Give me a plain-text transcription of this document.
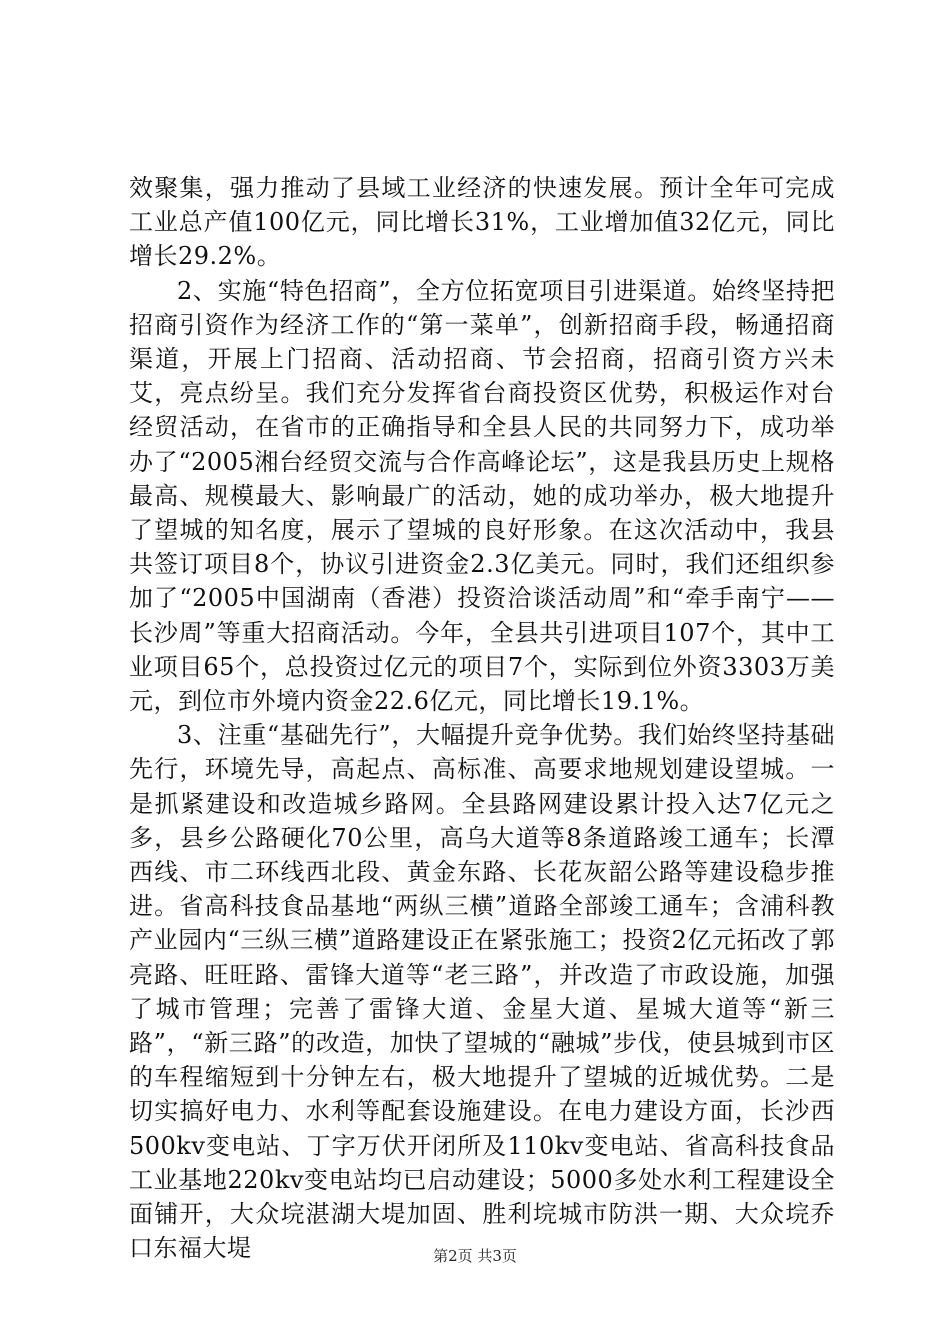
效聚集，强力推动了县域工业经济的快速发展。预计全年可完成工业总产值100亿元，同比增长31%，工业增加值32亿元，同比增长29.2%。

2、实施“特色招商”，全方位拓宽项目引进渠道。始终坚持把招商引资作为经济工作的“第一菜单”，创新招商手段，畅通招商渠道，开展上门招商、活动招商、节会招商，招商引资方兴未艾，亮点纷呈。我们充分发挥省台商投资区优势，积极运作对台经贸活动，在省市的正确指导和全县人民的共同努力下，成功举办了“2005湘台经贸交流与合作高峰论坛”，这是我县历史上规格最高、规模最大、影响最广的活动，她的成功举办，极大地提升了望城的知名度，展示了望城的良好形象。在这次活动中，我县共签订项目8个，协议引进资金2.3亿美元。同时，我们还组织参加了“2005中国湖南（香港）投资洽谈活动周”和“牵手南宁——长沙周”等重大招商活动。今年，全县共引进项目107个，其中工业项目65个，总投资过亿元的项目7个，实际到位外资3303万美元，到位市外境内资金22.6亿元，同比增长19.1%。

3、注重“基础先行”，大幅提升竞争优势。我们始终坚持基础先行，环境先导，高起点、高标准、高要求地规划建设望城。一是抓紧建设和改造城乡路网。全县路网建设累计投入达7亿元之多，县乡公路硬化70公里，高乌大道等8条道路竣工通车；长潭西线、市二环线西北段、黄金东路、长花灰韶公路等建设稳步推进。省高科技食品基地“两纵三横”道路全部竣工通车；含浦科教产业园内“三纵三横”道路建设正在紧张施工；投资2亿元拓改了郭亮路、旺旺路、雷锋大道等“老三路”，并改造了市政设施，加强了城市管理；完善了雷锋大道、金星大道、星城大道等“新三路”，“新三路”的改造，加快了望城的“融城”步伐，使县城到市区的车程缩短到十分钟左右，极大地提升了望城的近城优势。二是切实搞好电力、水利等配套设施建设。在电力建设方面，长沙西500kv变电站、丁字万伏开闭所及110kv变电站、省高科技食品工业基地220kv变电站均已启动建设；5000多处水利工程建设全面铺开，大众垸湛湖大堤加固、胜利垸城市防洪一期、大众垸乔口东福大堤	第2页 共3页
